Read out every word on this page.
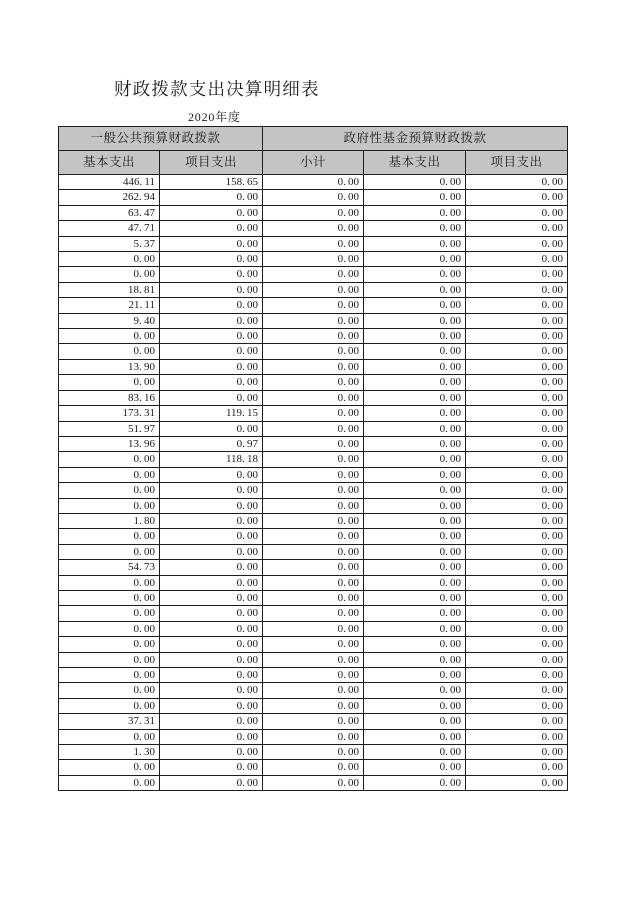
财政拨款支出决算明细表
2020年度
一般公共预算财政拨款		政府性基金预算财政拨款		
基本支出	项目支出	小计	基本支出	项目支出
446. 11	158. 65	0. 00	0. 00	0. 00
262. 94	0. 00	0. 00	0. 00	0. 00
63. 47	0. 00	0. 00	0. 00	0. 00
47. 71	0. 00	0. 00	0. 00	0. 00
5. 37	0. 00	0. 00	0. 00	0. 00
0. 00	0. 00	0. 00	0. 00	0. 00
0. 00	0. 00	0. 00	0. 00	0. 00
18. 81	0. 00	0. 00	0. 00	0. 00
21. 11	0. 00	0. 00	0. 00	0. 00
9. 40	0. 00	0. 00	0. 00	0. 00
0. 00	0. 00	0. 00	0. 00	0. 00
0. 00	0. 00	0. 00	0. 00	0. 00
13. 90	0. 00	0. 00	0. 00	0. 00
0. 00	0. 00	0. 00	0. 00	0. 00
83. 16	0. 00	0. 00	0. 00	0. 00
173. 31	119. 15	0. 00	0. 00	0. 00
51. 97	0. 00	0. 00	0. 00	0. 00
13. 96	0. 97	0. 00	0. 00	0. 00
0. 00	118. 18	0. 00	0. 00	0. 00
0. 00	0. 00	0. 00	0. 00	0. 00
0. 00	0. 00	0. 00	0. 00	0. 00
0. 00	0. 00	0. 00	0. 00	0. 00
1. 80	0. 00	0. 00	0. 00	0. 00
0. 00	0. 00	0. 00	0. 00	0. 00
0. 00	0. 00	0. 00	0. 00	0. 00
54. 73	0. 00	0. 00	0. 00	0. 00
0. 00	0. 00	0. 00	0. 00	0. 00
0. 00	0. 00	0. 00	0. 00	0. 00
0. 00	0. 00	0. 00	0. 00	0. 00
0. 00	0. 00	0. 00	0. 00	0. 00
0. 00	0. 00	0. 00	0. 00	0. 00
0. 00	0. 00	0. 00	0. 00	0. 00
0. 00	0. 00	0. 00	0. 00	0. 00
0. 00	0. 00	0. 00	0. 00	0. 00
0. 00	0. 00	0. 00	0. 00	0. 00
37. 31	0. 00	0. 00	0. 00	0. 00
0. 00	0. 00	0. 00	0. 00	0. 00
1. 30	0. 00	0. 00	0. 00	0. 00
0. 00	0. 00	0. 00	0. 00	0. 00
0. 00	0. 00	0. 00	0. 00	0. 00
